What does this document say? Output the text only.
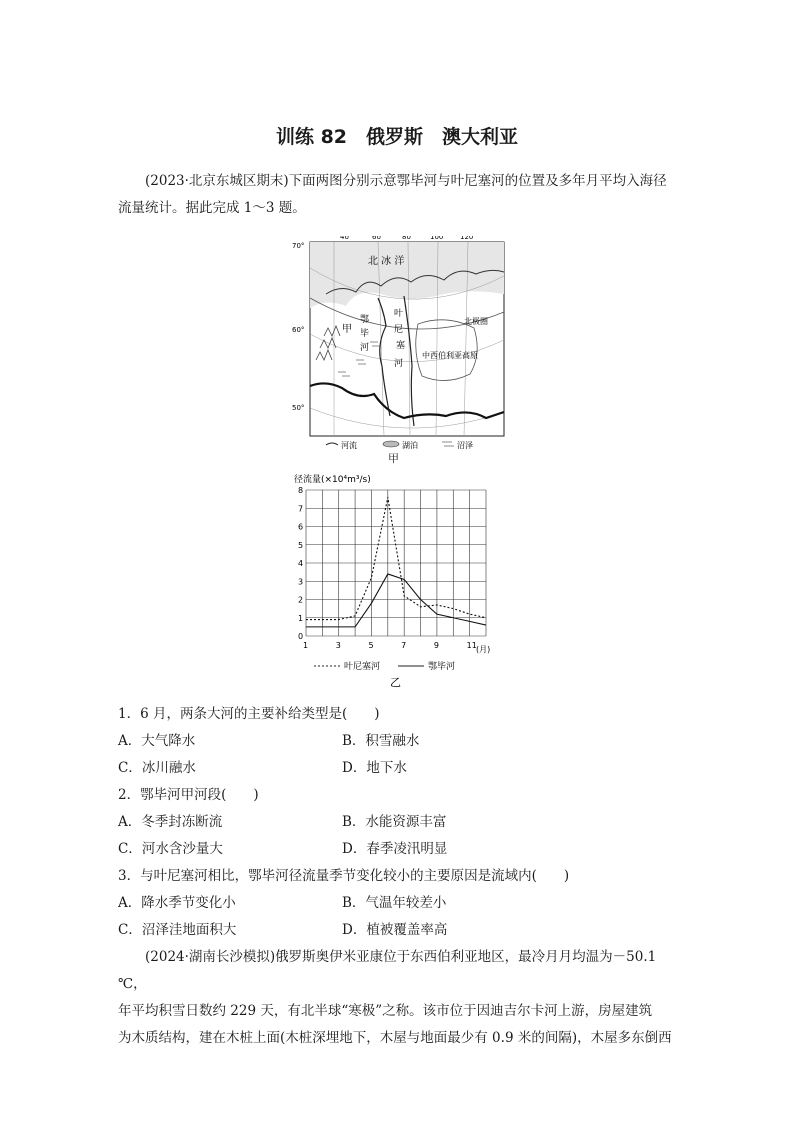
训练 82　俄罗斯　澳大利亚
(2023·北京东城区期末)下面两图分别示意鄂毕河与叶尼塞河的位置及多年月平均入海径
流量统计。据此完成 1～3 题。
40°	60°	80° 100° 120°
70°
60°
50°
北 冰 洋
北极圈
中西伯利亚高原
甲
鄂
毕
河
叶
尼
塞
河
河流	湖泊	沼泽
甲
0
1
2
3
4
5
6
7
8
1	3	5	7	9	11
径流量(×10⁴m³/s)
(月)
叶尼塞河	鄂毕河
乙
1．6 月，两条大河的主要补给类型是(　　)
A．大气降水	B．积雪融水
C．冰川融水	D．地下水
2．鄂毕河甲河段(　　)
A．冬季封冻断流	B．水能资源丰富
C．河水含沙量大	D．春季凌汛明显
3．与叶尼塞河相比，鄂毕河径流量季节变化较小的主要原因是流域内(　　)
A．降水季节变化小	B．气温年较差小
C．沼泽洼地面积大	D．植被覆盖率高
(2024·湖南长沙模拟)俄罗斯奥伊米亚康位于东西伯利亚地区，最冷月月均温为－50.1 ℃，
年平均积雪日数约 229 天，有北半球“寒极”之称。该市位于因迪吉尔卡河上游，房屋建筑
为木质结构，建在木桩上面(木桩深埋地下，木屋与地面最少有 0.9 米的间隔)，木屋多东倒西
